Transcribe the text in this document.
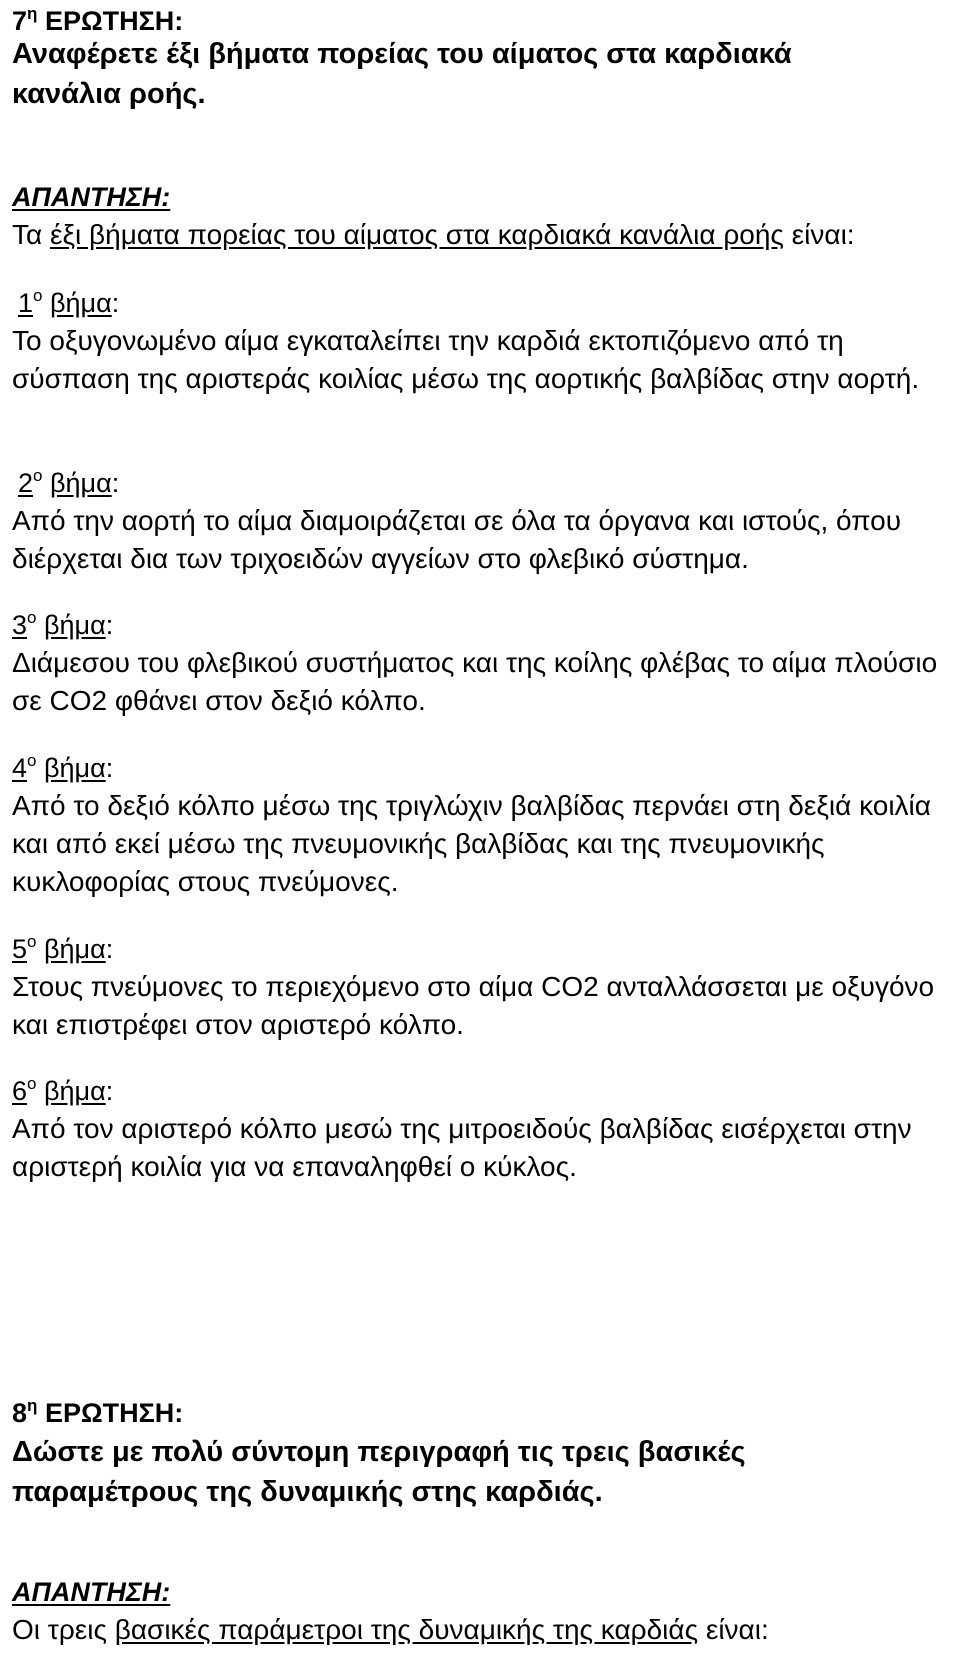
$7^\eta$ ΕΡΩΤΗΣΗ:
Αναφέρετε έξι βήματα πορείας του αίματος στα καρδιακά κανάλια ροής.
ΑΠΑΝΤΗΣΗ:
Τα έξι βήματα πορείας του αίματος στα καρδιακά κανάλια ροής είναι:
$1^o$ βήμα:
Το οξυγονωμένο αίμα εγκαταλείπει την καρδιά εκτοπιζόμενο από τη σύσπαση της αριστεράς κοιλίας μέσω της αορτικής βαλβίδας στην αορτή.
$2^o$ βήμα:
Από την αορτή το αίμα διαμοιράζεται σε όλα τα όργανα και ιστούς, όπου διέρχεται δια των τριχοειδών αγγείων στο φλεβικό σύστημα.
$3^o$ βήμα:
Διάμεσου του φλεβικού συστήματος και της κοίλης φλέβας το αίμα πλούσιο σε CO2 φθάνει στον δεξιό κόλπο.
$4^o$ βήμα:
Από το δεξιό κόλπο μέσω της τριγλώχιν βαλβίδας περνάει στη δεξιά κοιλία και από εκεί μέσω της πνευμονικής βαλβίδας και της πνευμονικής κυκλοφορίας στους πνεύμονες.
$5^o$ βήμα:
Στους πνεύμονες το περιεχόμενο στο αίμα CO2 ανταλλάσσεται με οξυγόνο και επιστρέφει στον αριστερό κόλπο.
$6^o$ βήμα:
Από τον αριστερό κόλπο μεσώ της μιτροειδούς βαλβίδας εισέρχεται στην αριστερή κοιλία για να επαναληφθεί ο κύκλος.
$8^\eta$ ΕΡΩΤΗΣΗ:
Δώστε με πολύ σύντομη περιγραφή τις τρεις βασικές παραμέτρους της δυναμικής στης καρδιάς.
ΑΠΑΝΤΗΣΗ:
Οι τρεις βασικές παράμετροι της δυναμικής της καρδιάς είναι:
